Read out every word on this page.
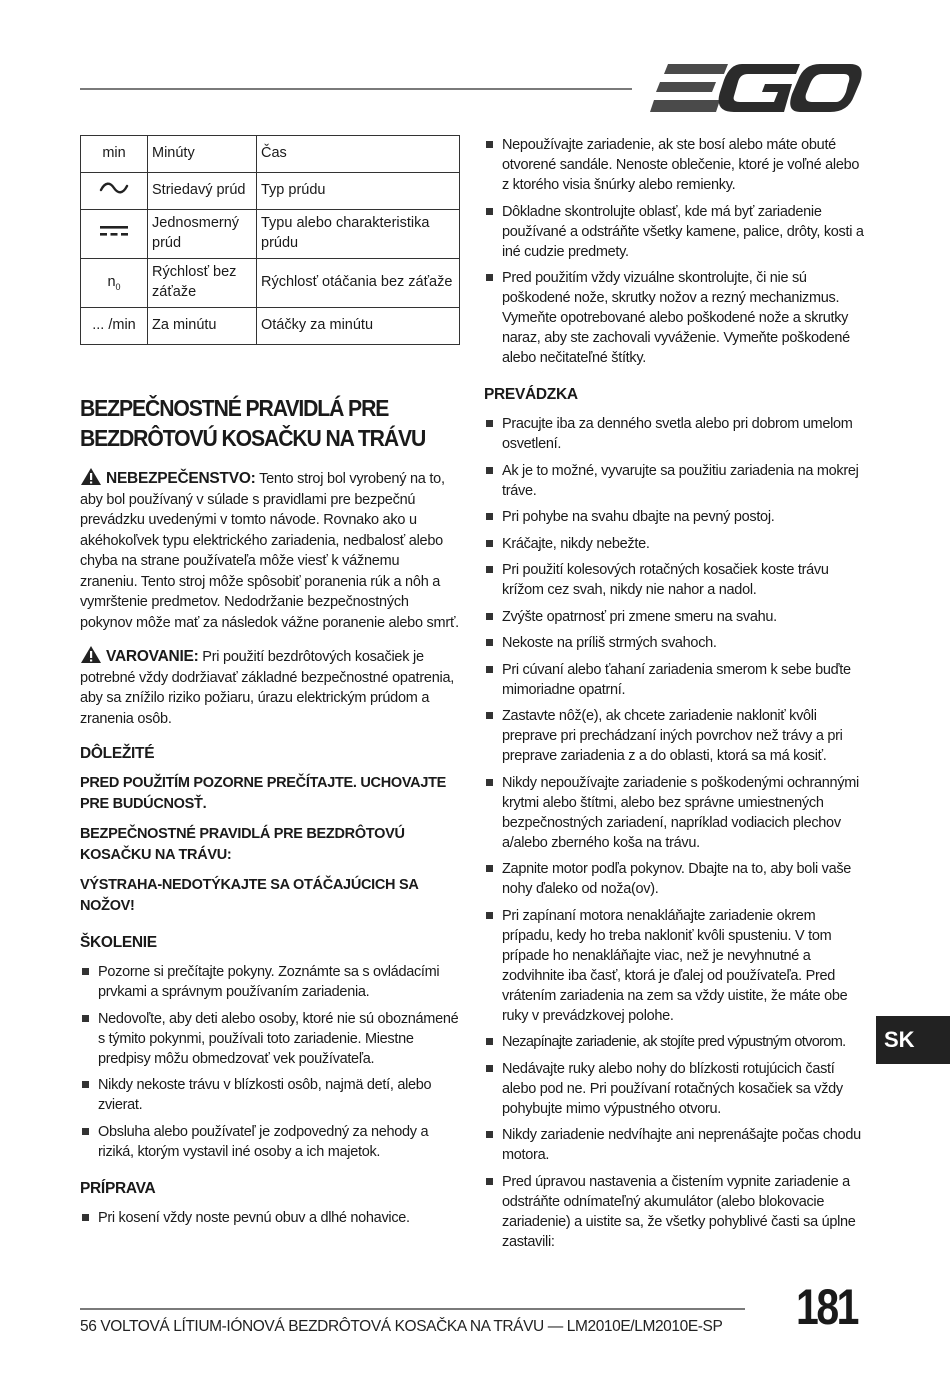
min	Minúty	Čas
	Striedavý prúd	Typ prúdu
	Jednosmerný prúd	Typu alebo charakteristika prúdu
$n_0$	Rýchlosť bez záťaže	Rýchlosť otáčania bez záťaže
... /min	Za minútu	Otáčky za minútu
BEZPEČNOSTNÉ PRAVIDLÁ PRE
BEZDRÔTOVÚ KOSAČKU NA TRÁVU

NEBEZPEČENSTVO: Tento stroj bol vyrobený na to, aby bol používaný v súlade s pravidlami pre bezpečnú prevádzku uvedenými v tomto návode. Rovnako ako u akéhokoľvek typu elektrického zariadenia, nedbalosť alebo chyba na strane používateľa môže viesť k vážnemu zraneniu. Tento stroj môže spôsobiť poranenia rúk a nôh a vymrštenie predmetov. Nedodržanie bezpečnostných pokynov môže mať za následok vážne poranenie alebo smrť.

VAROVANIE: Pri použití bezdrôtových kosačiek je potrebné vždy dodržiavať základné bezpečnostné opatrenia, aby sa znížilo riziko požiaru, úrazu elektrickým prúdom a zranenia osôb.

DÔLEŽITÉ

PRED POUŽITÍM POZORNE PREČÍTAJTE. UCHOVAJTE PRE BUDÚCNOSŤ.

BEZPEČNOSTNÉ PRAVIDLÁ PRE BEZDRÔTOVÚ KOSAČKU NA TRÁVU:

VÝSTRAHA-NEDOTÝKAJTE SA OTÁČAJÚCICH SA NOŽOV!

ŠKOLENIE
Pozorne si prečítajte pokyny. Zoznámte sa s ovládacími prvkami a správnym používaním zariadenia.
Nedovoľte, aby deti alebo osoby, ktoré nie sú oboznámené s týmito pokynmi, používali toto zariadenie. Miestne predpisy môžu obmedzovať vek používateľa.
Nikdy nekoste trávu v blízkosti osôb, najmä detí, alebo zvierat.
Obsluha alebo používateľ je zodpovedný za nehody a riziká, ktorým vystavil iné osoby a ich majetok.
PRÍPRAVA
Pri kosení vždy noste pevnú obuv a dlhé nohavice.
Nepoužívajte zariadenie, ak ste bosí alebo máte obuté otvorené sandále. Nenoste oblečenie, ktoré je voľné alebo z ktorého visia šnúrky alebo remienky.
Dôkladne skontrolujte oblasť, kde má byť zariadenie používané a odstráňte všetky kamene, palice, drôty, kosti a iné cudzie predmety.
Pred použitím vždy vizuálne skontrolujte, či nie sú poškodené nože, skrutky nožov a rezný mechanizmus. Vymeňte opotrebované alebo poškodené nože a skrutky naraz, aby ste zachovali vyváženie. Vymeňte poškodené alebo nečitateľné štítky.
PREVÁDZKA
Pracujte iba za denného svetla alebo pri dobrom umelom osvetlení.
Ak je to možné, vyvarujte sa použitiu zariadenia na mokrej tráve.
Pri pohybe na svahu dbajte na pevný postoj.
Kráčajte, nikdy nebežte.
Pri použití kolesových rotačných kosačiek koste trávu krížom cez svah, nikdy nie nahor a nadol.
Zvýšte opatrnosť pri zmene smeru na svahu.
Nekoste na príliš strmých svahoch.
Pri cúvaní alebo ťahaní zariadenia smerom k sebe buďte mimoriadne opatrní.
Zastavte nôž(e), ak chcete zariadenie nakloniť kvôli preprave pri prechádzaní iných povrchov než trávy a pri preprave zariadenia z a do oblasti, ktorá sa má kosiť.
Nikdy nepoužívajte zariadenie s poškodenými ochrannými krytmi alebo štítmi, alebo bez správne umiestnených bezpečnostných zariadení, napríklad vodiacich plechov a/alebo zberného koša na trávu.
Zapnite motor podľa pokynov. Dbajte na to, aby boli vaše nohy ďaleko od noža(ov).
Pri zapínaní motora nenakláňajte zariadenie okrem prípadu, kedy ho treba nakloniť kvôli spusteniu. V tom prípade ho nenakláňajte viac, než je nevyhnutné a zodvihnite iba časť, ktorá je ďalej od používateľa. Pred vrátením zariadenia na zem sa vždy uistite, že máte obe ruky v prevádzkovej polohe.
Nezapínajte zariadenie, ak stojíte pred výpustným otvorom.
Nedávajte ruky alebo nohy do blízkosti rotujúcich častí alebo pod ne. Pri používaní rotačných kosačiek sa vždy pohybujte mimo výpustného otvoru.
Nikdy zariadenie nedvíhajte ani neprenášajte počas chodu motora.
Pred úpravou nastavenia a čistením vypnite zariadenie a odstráňte odnímateľný akumulátor (alebo blokovacie zariadenie) a uistite sa, že všetky pohyblivé časti sa úplne zastavili:
SK
56 VOLTOVÁ LÍTIUM-IÓNOVÁ BEZDRÔTOVÁ KOSAČKA NA TRÁVU — LM2010E/LM2010E-SP 181
